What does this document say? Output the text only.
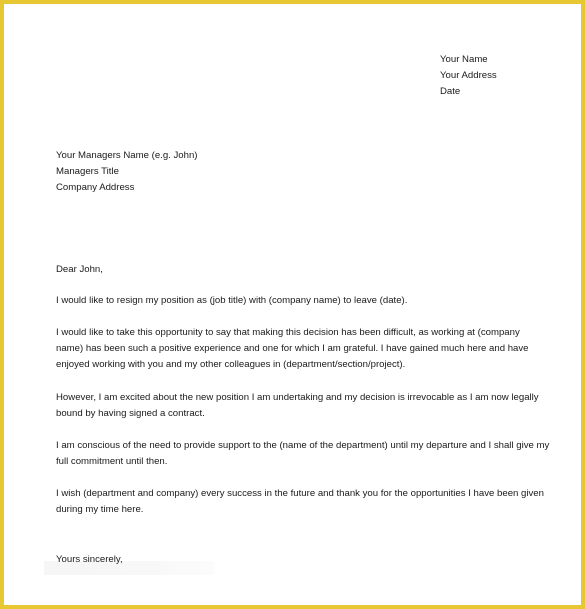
Your Name
Your Address
Date
Your Managers Name (e.g. John)
Managers Title
Company Address
Dear John,
I would like to resign my position as (job title) with (company name) to leave (date).
I would like to take this opportunity to say that making this decision has been difficult, as working at (company
name) has been such a positive experience and one for which I am grateful. I have gained much here and have
enjoyed working with you and my other colleagues in (department/section/project).
However, I am excited about the new position I am undertaking and my decision is irrevocable as I am now legally
bound by having signed a contract.
I am conscious of the need to provide support to the (name of the department) until my departure and I shall give my
full commitment until then.
I wish (department and company) every success in the future and thank you for the opportunities I have been given
during my time here.
Yours sincerely,
